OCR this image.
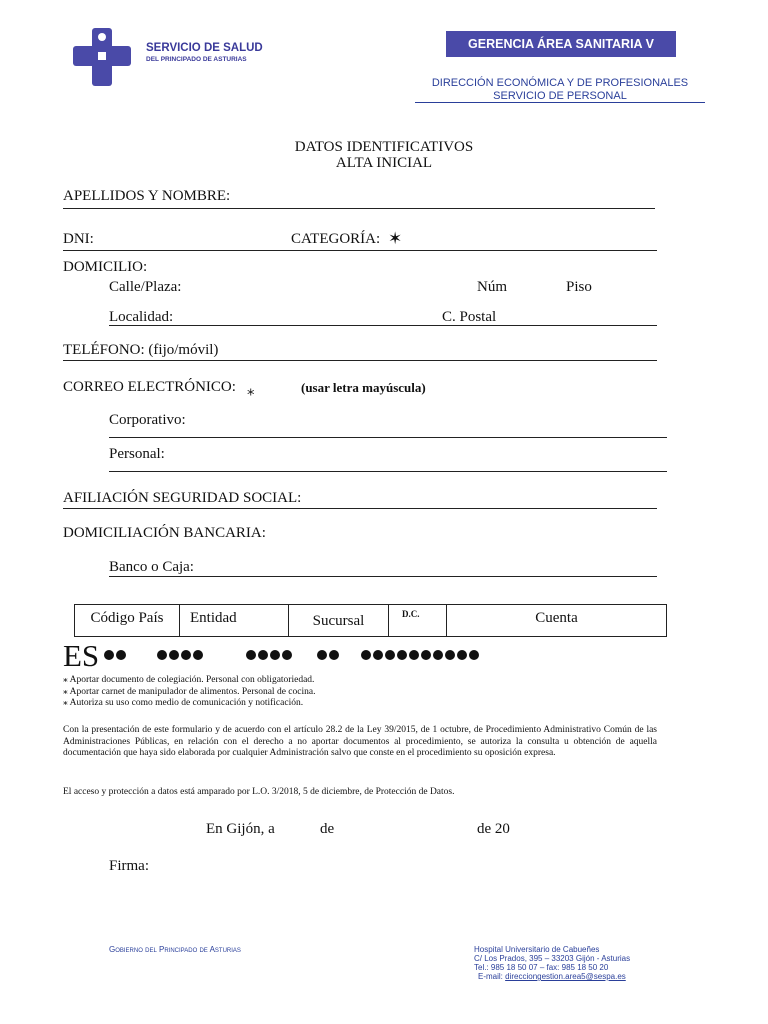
SERVICIO DE SALUD
DEL PRINCIPADO DE ASTURIAS
GERENCIA ÁREA SANITARIA V
DIRECCIÓN ECONÓMICA Y DE PROFESIONALES
SERVICIO DE PERSONAL
DATOS IDENTIFICATIVOS
ALTA INICIAL
APELLIDOS Y NOMBRE:
DNI:	CATEGORÍA: ✶
DOMICILIO:
Calle/Plaza:	Núm	Piso
Localidad:	C. Postal
TELÉFONO: (fijo/móvil)
CORREO ELECTRÓNICO: ⁎	(usar letra mayúscula)
Corporativo:
Personal:
AFILIACIÓN SEGURIDAD SOCIAL:
DOMICILIACIÓN BANCARIA:
Banco o Caja:
Código País	Entidad	Sucursal	D.C.	Cuenta
ES
⁎ Aportar documento de colegiación. Personal con obligatoriedad.
⁎ Aportar carnet de manipulador de alimentos. Personal de cocina.
⁎ Autoriza su uso como medio de comunicación y notificación.
Con la presentación de este formulario y de acuerdo con el artículo 28.2 de la Ley 39/2015, de 1 octubre, de Procedimiento Administrativo Común de las Administraciones Públicas, en relación con el derecho a no aportar documentos al procedimiento, se autoriza la consulta u obtención de aquella documentación que haya sido elaborada por cualquier Administración salvo que conste en el procedimiento su oposición expresa.
El acceso y protección a datos está amparado por L.O. 3/2018, 5 de diciembre, de Protección de Datos.
En Gijón, a	de	de 20
Firma:
Gobierno del Principado de Asturias	Hospital Universitario de Cabueñes
C/ Los Prados, 395 – 33203 Gijón - Asturias
Tel.: 985 18 50 07 – fax: 985 18 50 20
E-mail: direcciongestion.area5@sespa.es
